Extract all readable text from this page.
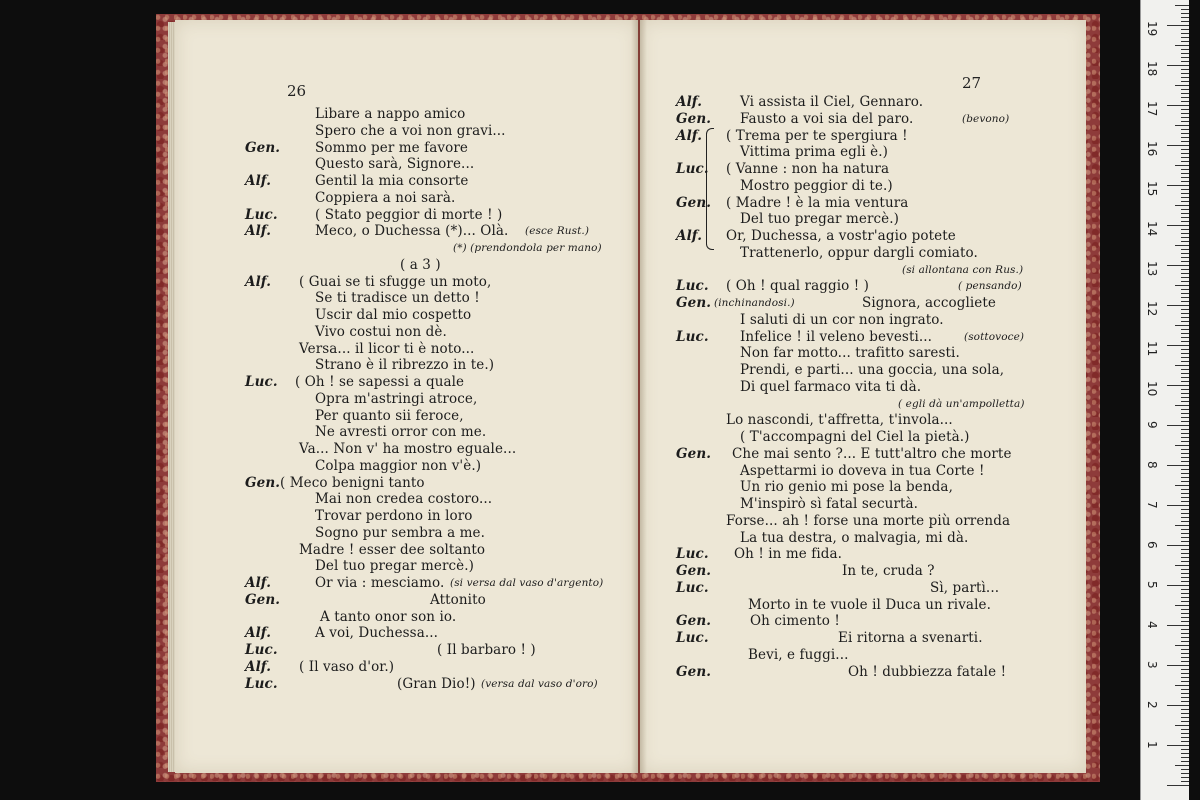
26
Libare a nappo amico
Spero che a voi non gravi...
Gen.	Sommo per me favore
Questo sarà, Signore...
Alf.	Gentil la mia consorte
Coppiera a noi sarà.
Luc.	( Stato peggior di morte ! )
Alf.	Meco, o Duchessa (*)... Olà. (esce Rust.)
(*) (prendondola per mano)
( a 3 )
Alf. ( Guai se ti sfugge un moto,
Se ti tradisce un detto !
Uscir dal mio cospetto
Vivo costui non dè.
Versa... il licor ti è noto...
Strano è il ribrezzo in te.)
Luc. ( Oh ! se sapessi a quale
Opra m'astringi atroce,
Per quanto sii feroce,
Ne avresti orror con me.
Va... Non v' ha mostro eguale...
Colpa maggior non v'è.)
Gen. ( Meco benigni tanto
Mai non credea costoro...
Trovar perdono in loro
Sogno pur sembra a me.
Madre ! esser dee soltanto
Del tuo pregar mercè.)
Alf.	Or via : mesciamo. (si versa dal vaso d'argento)
Gen.	Attonito
A tanto onor son io.
Alf.	A voi, Duchessa...
Luc.	( Il barbaro ! )
Alf. ( Il vaso d'or.)
Luc.	(Gran Dio!) (versa dal vaso d'oro)
27
Alf.	Vi assista il Ciel, Gennaro.
Gen. Fausto a voi sia del paro.	(bevono)
Alf. ( Trema per te spergiura !
Vittima prima egli è.)
Luc. ( Vanne : non ha natura
Mostro peggior di te.)
Gen. ( Madre ! è la mia ventura
Del tuo pregar mercè.)
Alf. Or, Duchessa, a vostr'agio potete
Trattenerlo, oppur dargli comiato.
(si allontana con Rus.)
Luc. ( Oh ! qual raggio ! )	( pensando)
Gen.	Signora, accogliete
(inchinandosi.)
I saluti di un cor non ingrato.
Luc. Infelice ! il veleno bevesti...	(sottovoce)
Non far motto... trafitto saresti.
Prendi, e parti... una goccia, una sola,
Di quel farmaco vita ti dà.
( egli dà un'ampolletta)
Lo nascondi, t'affretta, t'invola...
( T'accompagni del Ciel la pietà.)
Gen. Che mai sento ?... E tutt'altro che morte
Aspettarmi io doveva in tua Corte !
Un rio genio mi pose la benda,
M'inspirò sì fatal securtà.
Forse... ah ! forse una morte più orrenda
La tua destra, o malvagia, mi dà.
Luc. Oh ! in me fida.
Gen.	In te, cruda ?
Luc.	Sì, partì...
Morto in te vuole il Duca un rivale.
Gen.	Oh cimento !
Luc.	Ei ritorna a svenarti.
Bevi, e fuggi...
Gen.	Oh ! dubbiezza fatale !
1
2
3
4
5
6
7
8
9
10
11
12
13
14
15
16
17
18
19
